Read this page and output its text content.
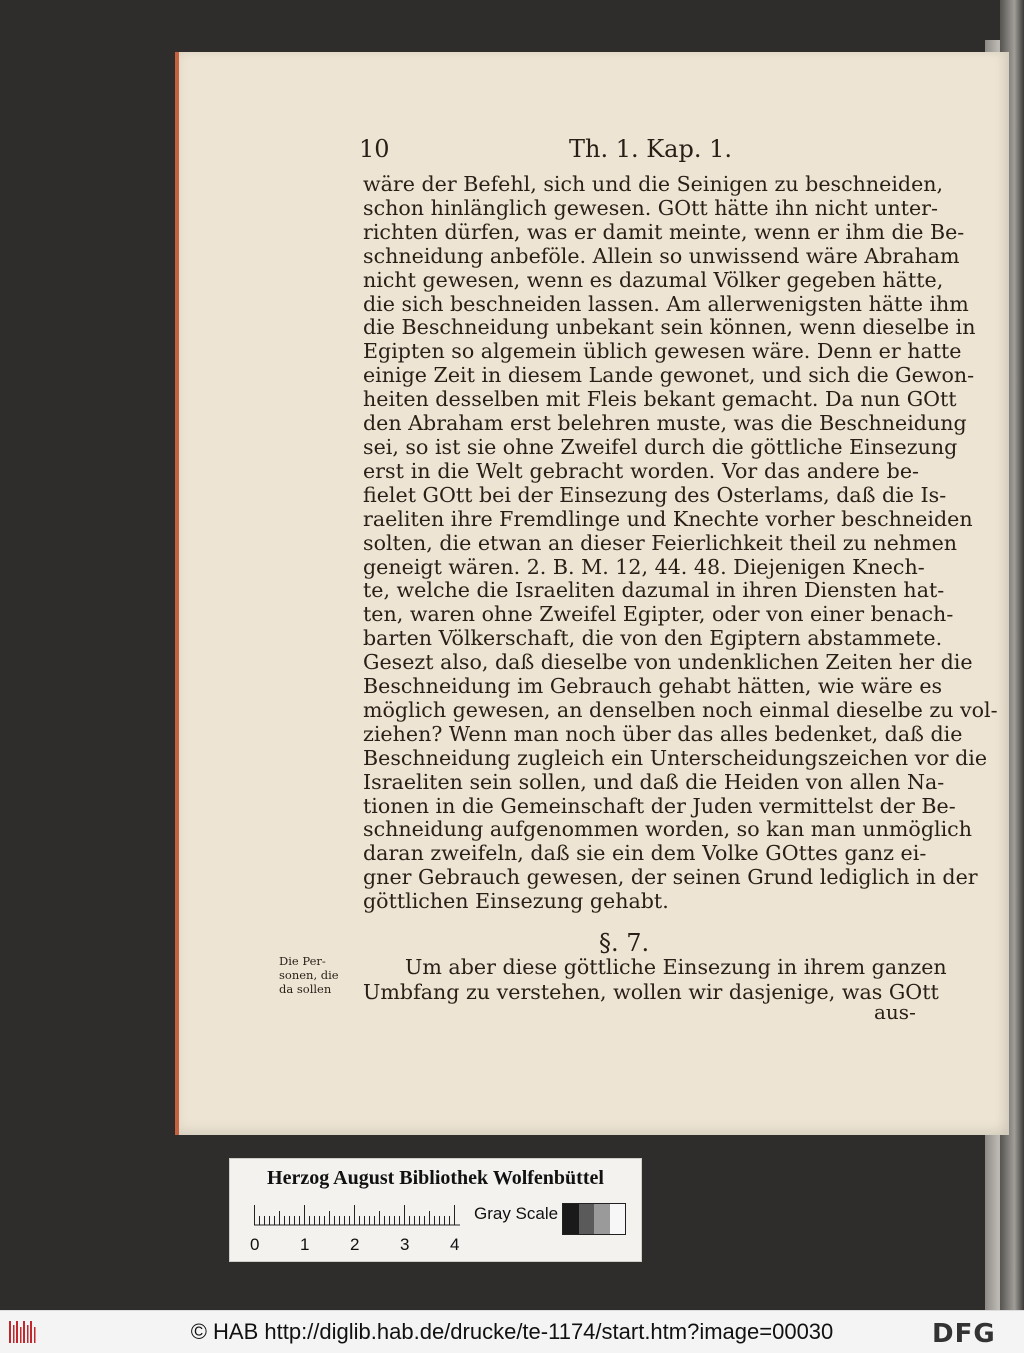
10	Th. 1. Kap. 1.
wäre der Befehl, sich und die Seinigen zu beschneiden,
schon hinlänglich gewesen. GOtt hätte ihn nicht unter-
richten dürfen, was er damit meinte, wenn er ihm die Be-
schneidung anbeföle. Allein so unwissend wäre Abraham
nicht gewesen, wenn es dazumal Völker gegeben hätte,
die sich beschneiden lassen. Am allerwenigsten hätte ihm
die Beschneidung unbekant sein können, wenn dieselbe in
Egipten so algemein üblich gewesen wäre. Denn er hatte
einige Zeit in diesem Lande gewonet, und sich die Gewon-
heiten desselben mit Fleis bekant gemacht. Da nun GOtt
den Abraham erst belehren muste, was die Beschneidung
sei, so ist sie ohne Zweifel durch die göttliche Einsezung
erst in die Welt gebracht worden. Vor das andere be-
fielet GOtt bei der Einsezung des Osterlams, daß die Is-
raeliten ihre Fremdlinge und Knechte vorher beschneiden
solten, die etwan an dieser Feierlichkeit theil zu nehmen
geneigt wären. 2. B. M. 12, 44. 48. Diejenigen Knech-
te, welche die Israeliten dazumal in ihren Diensten hat-
ten, waren ohne Zweifel Egipter, oder von einer benach-
barten Völkerschaft, die von den Egiptern abstammete.
Gesezt also, daß dieselbe von undenklichen Zeiten her die
Beschneidung im Gebrauch gehabt hätten, wie wäre es
möglich gewesen, an denselben noch einmal dieselbe zu vol-
ziehen? Wenn man noch über das alles bedenket, daß die
Beschneidung zugleich ein Unterscheidungszeichen vor die
Israeliten sein sollen, und daß die Heiden von allen Na-
tionen in die Gemeinschaft der Juden vermittelst der Be-
schneidung aufgenommen worden, so kan man unmöglich
daran zweifeln, daß sie ein dem Volke GOttes ganz ei-
gner Gebrauch gewesen, der seinen Grund lediglich in der
göttlichen Einsezung gehabt.
§. 7.
Die Per-
sonen, die
da sollen
Um aber diese göttliche Einsezung in ihrem ganzen
Umbfang zu verstehen, wollen wir dasjenige, was GOtt
aus-
Herzog August Bibliothek Wolfenbüttel
0 1 2 3 4
Gray Scale
© HAB http://diglib.hab.de/drucke/te-1174/start.htm?image=00030	DFG
